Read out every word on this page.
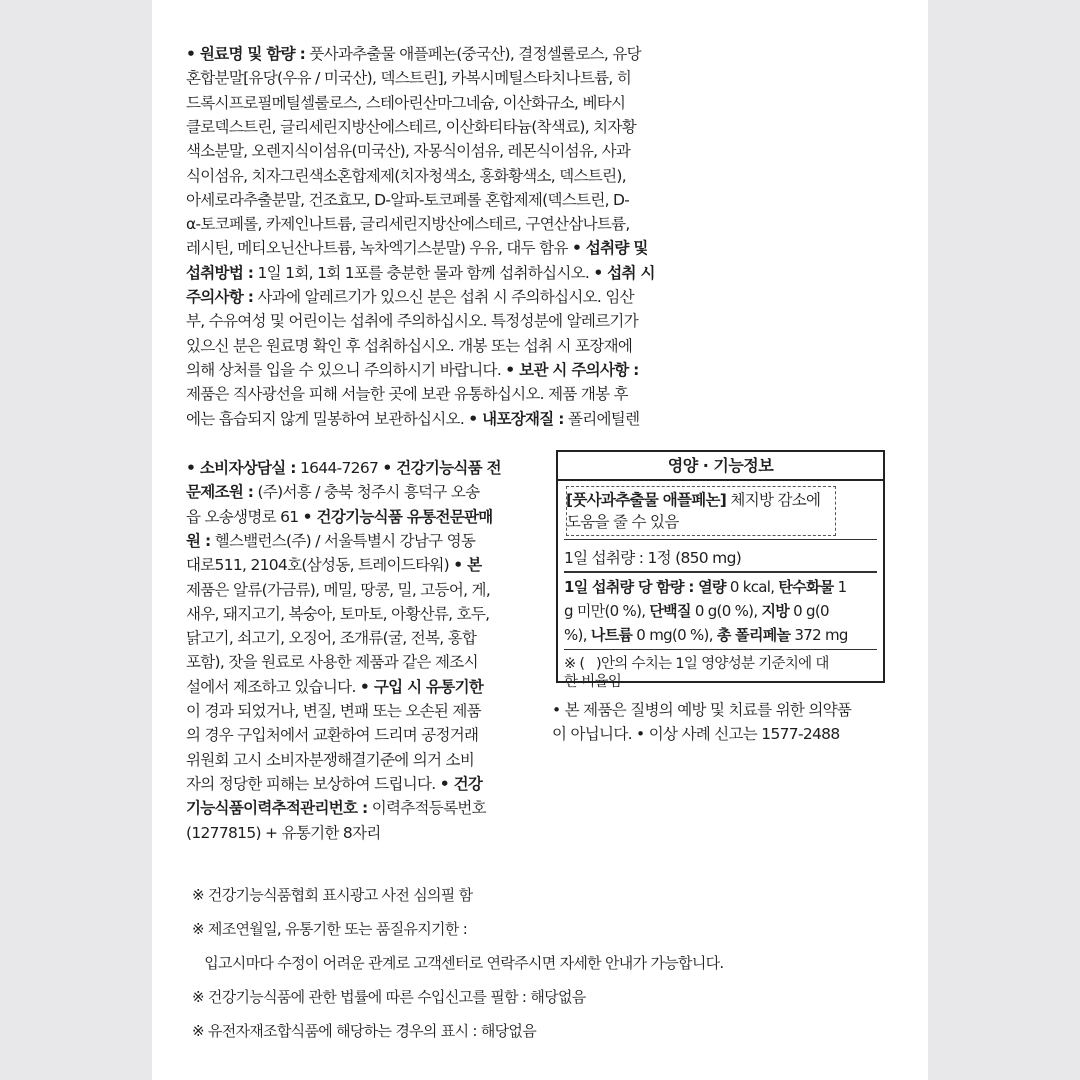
• 원료명 및 함량 : 풋사과추출물 애플페논(중국산), 결정셀룰로스, 유당
혼합분말[유당(우유 / 미국산), 덱스트린], 카복시메틸스타치나트륨, 히
드록시프로필메틸셀룰로스, 스테아린산마그네슘, 이산화규소, 베타시
클로덱스트린, 글리세린지방산에스테르, 이산화티타늄(착색료), 치자황
색소분말, 오렌지식이섬유(미국산), 자몽식이섬유, 레몬식이섬유, 사과
식이섬유, 치자그린색소혼합제제(치자청색소, 홍화황색소, 덱스트린),
아세로라추출분말, 건조효모, D-알파-토코페롤 혼합제제(덱스트린, D-
α-토코페롤, 카제인나트륨, 글리세린지방산에스테르, 구연산삼나트륨,
레시틴, 메티오닌산나트륨, 녹차엑기스분말) 우유, 대두 함유 • 섭취량 및
섭취방법 : 1일 1회, 1회 1포를 충분한 물과 함께 섭취하십시오. • 섭취 시
주의사항 : 사과에 알레르기가 있으신 분은 섭취 시 주의하십시오. 임산
부, 수유여성 및 어린이는 섭취에 주의하십시오. 특정성분에 알레르기가
있으신 분은 원료명 확인 후 섭취하십시오. 개봉 또는 섭취 시 포장재에
의해 상처를 입을 수 있으니 주의하시기 바랍니다. • 보관 시 주의사항 :
제품은 직사광선을 피해 서늘한 곳에 보관 유통하십시오. 제품 개봉 후
에는 흡습되지 않게 밀봉하여 보관하십시오. • 내포장재질 : 폴리에틸렌
• 소비자상담실 : 1644-7267 • 건강기능식품 전
문제조원 : (주)서흥 / 충북 청주시 흥덕구 오송
읍 오송생명로 61 • 건강기능식품 유통전문판매
원 : 헬스밸런스(주) / 서울특별시 강남구 영동
대로511, 2104호(삼성동, 트레이드타워) • 본
제품은 알류(가금류), 메밀, 땅콩, 밀, 고등어, 게,
새우, 돼지고기, 복숭아, 토마토, 아황산류, 호두,
닭고기, 쇠고기, 오징어, 조개류(굴, 전복, 홍합
포함), 잣을 원료로 사용한 제품과 같은 제조시
설에서 제조하고 있습니다. • 구입 시 유통기한
이 경과 되었거나, 변질, 변패 또는 오손된 제품
의 경우 구입처에서 교환하여 드리며 공정거래
위원회 고시 소비자분쟁해결기준에 의거 소비
자의 정당한 피해는 보상하여 드립니다. • 건강
기능식품이력추적관리번호 : 이력추적등록번호
(1277815) + 유통기한 8자리
영양 · 기능정보
[풋사과추출물 애플페논] 체지방 감소에
도움을 줄 수 있음
1일 섭취량 : 1정 (850 mg)
1일 섭취량 당 함량 : 열량 0 kcal, 탄수화물 1
g 미만(0 %), 단백질 0 g(0 %), 지방 0 g(0
%), 나트륨 0 mg(0 %), 총 폴리페놀 372 mg
※ (   )안의 수치는 1일 영양성분 기준치에 대
한 비율임
• 본 제품은 질병의 예방 및 치료를 위한 의약품
이 아닙니다. • 이상 사례 신고는 1577-2488
※ 건강기능식품협회 표시광고 사전 심의필 함
※ 제조연월일, 유통기한 또는 품질유지기한 :
입고시마다 수정이 어려운 관계로 고객센터로 연락주시면 자세한 안내가 가능합니다.
※ 건강기능식품에 관한 법률에 따른 수입신고를 필함 : 해당없음
※ 유전자재조합식품에 해당하는 경우의 표시 : 해당없음
